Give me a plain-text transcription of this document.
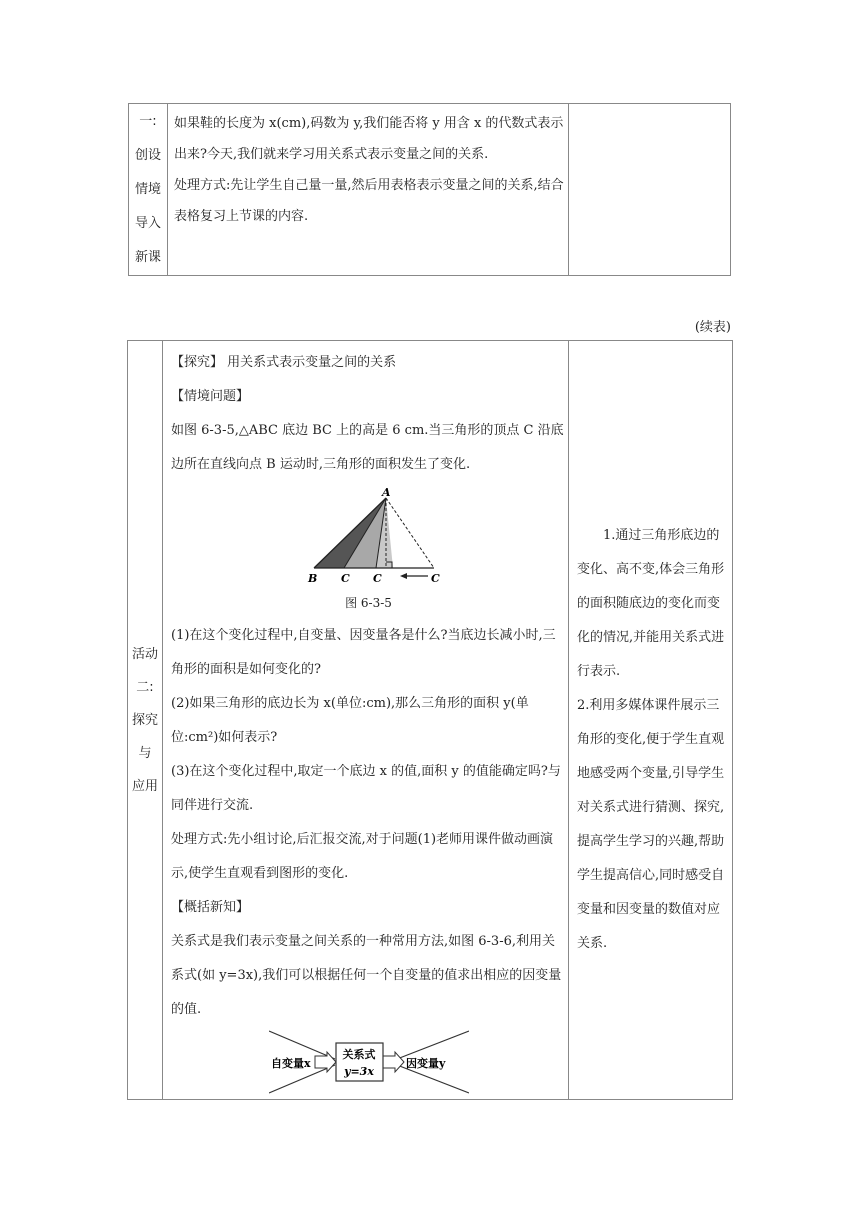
一:
创设
情境
导入
新课

如果鞋的长度为 x(cm),码数为 y,我们能否将 y 用含 x 的代数式表示出来?今天,我们就来学习用关系式表示变量之间的关系.

处理方式:先让学生自己量一量,然后用表格表示变量之间的关系,结合表格复习上节课的内容.

(续表)
活动
二:
探究
与
应用

【探究】 用关系式表示变量之间的关系

【情境问题】

如图 6-3-5,△ABC 底边 BC 上的高是 6 cm.当三角形的顶点 C 沿底边所在直线向点 B 运动时,三角形的面积发生了变化.

A
B C C	C
图 6-3-5

(1)在这个变化过程中,自变量、因变量各是什么?当底边长减小时,三角形的面积是如何变化的?

(2)如果三角形的底边长为 x(单位:cm),那么三角形的面积 y(单位:cm²)如何表示?

(3)在这个变化过程中,取定一个底边 x 的值,面积 y 的值能确定吗?与同伴进行交流.

处理方式:先小组讨论,后汇报交流,对于问题(1)老师用课件做动画演示,使学生直观看到图形的变化.

【概括新知】

关系式是我们表示变量之间关系的一种常用方法,如图 6-3-6,利用关系式(如 y=3x),我们可以根据任何一个自变量的值求出相应的因变量的值.

自变量x
关系式
y=3x
因变量y

1.通过三角形底边的变化、高不变,体会三角形的面积随底边的变化而变化的情况,并能用关系式进行表示.

2.利用多媒体课件展示三角形的变化,便于学生直观地感受两个变量,引导学生对关系式进行猜测、探究,提高学生学习的兴趣,帮助学生提高信心,同时感受自变量和因变量的数值对应关系.
